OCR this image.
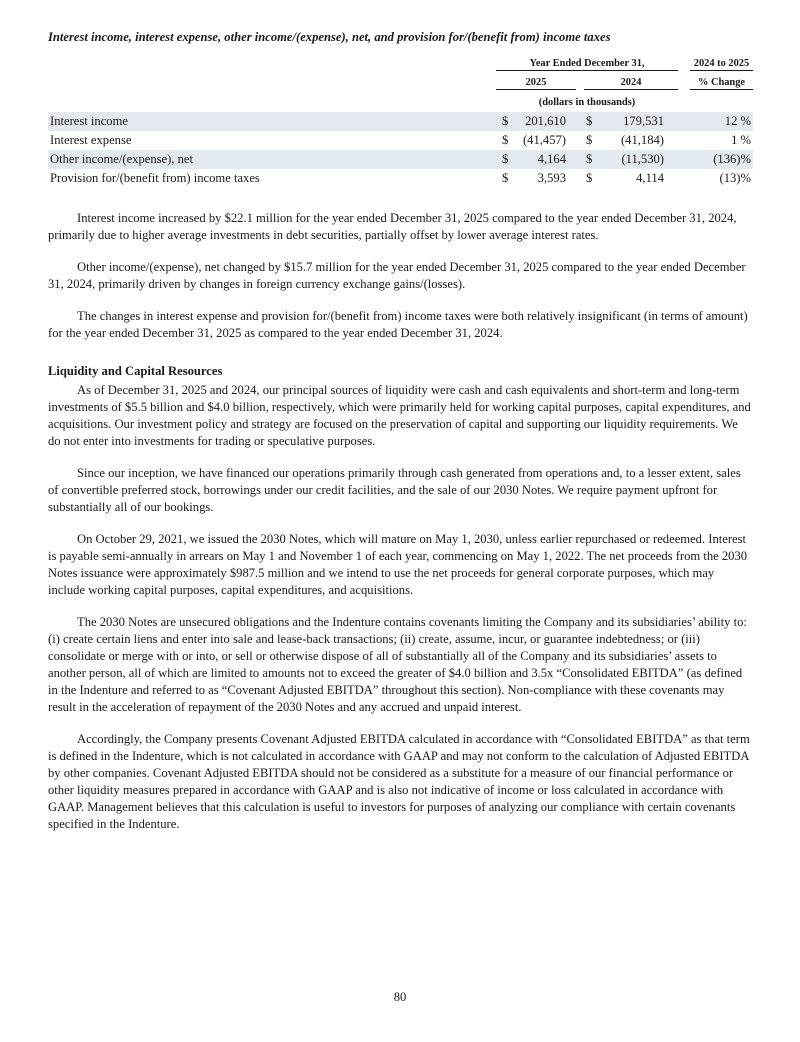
Interest income, interest expense, other income/(expense), net, and provision for/(benefit from) income taxes

	Year Ended December 31,				2024 to 2025

	2025		2024		% Change

	(dollars in thousands)				
Interest income	$	201,610	$	179,531	12 %
Interest expense	$	(41,457)	$	(41,184)	1 %
Other income/(expense), net	$	4,164	$	(11,530)	(136)%
Provision for/(benefit from) income taxes	$	3,593	$	4,114	(13)%

Interest income increased by $22.1 million for the year ended December 31, 2025 compared to the year ended December 31, 2024, primarily due to higher average investments in debt securities, partially offset by lower average interest rates.

Other income/(expense), net changed by $15.7 million for the year ended December 31, 2025 compared to the year ended December 31, 2024, primarily driven by changes in foreign currency exchange gains/(losses).

The changes in interest expense and provision for/(benefit from) income taxes were both relatively insignificant (in terms of amount) for the year ended December 31, 2025 as compared to the year ended December 31, 2024.

Liquidity and Capital Resources

As of December 31, 2025 and 2024, our principal sources of liquidity were cash and cash equivalents and short-term and long-term investments of $5.5 billion and $4.0 billion, respectively, which were primarily held for working capital purposes, capital expenditures, and acquisitions. Our investment policy and strategy are focused on the preservation of capital and supporting our liquidity requirements. We do not enter into investments for trading or speculative purposes.

Since our inception, we have financed our operations primarily through cash generated from operations and, to a lesser extent, sales of convertible preferred stock, borrowings under our credit facilities, and the sale of our 2030 Notes. We require payment upfront for substantially all of our bookings.

On October 29, 2021, we issued the 2030 Notes, which will mature on May 1, 2030, unless earlier repurchased or redeemed. Interest is payable semi-annually in arrears on May 1 and November 1 of each year, commencing on May 1, 2022. The net proceeds from the 2030 Notes issuance were approximately $987.5 million and we intend to use the net proceeds for general corporate purposes, which may include working capital purposes, capital expenditures, and acquisitions.

The 2030 Notes are unsecured obligations and the Indenture contains covenants limiting the Company and its subsidiaries’ ability to: (i) create certain liens and enter into sale and lease-back transactions; (ii) create, assume, incur, or guarantee indebtedness; or (iii) consolidate or merge with or into, or sell or otherwise dispose of all of substantially all of the Company and its subsidiaries’ assets to another person, all of which are limited to amounts not to exceed the greater of $4.0 billion and 3.5x “Consolidated EBITDA” (as defined in the Indenture and referred to as “Covenant Adjusted EBITDA” throughout this section). Non-compliance with these covenants may result in the acceleration of repayment of the 2030 Notes and any accrued and unpaid interest.

Accordingly, the Company presents Covenant Adjusted EBITDA calculated in accordance with “Consolidated EBITDA” as that term is defined in the Indenture, which is not calculated in accordance with GAAP and may not conform to the calculation of Adjusted EBITDA by other companies. Covenant Adjusted EBITDA should not be considered as a substitute for a measure of our financial performance or other liquidity measures prepared in accordance with GAAP and is also not indicative of income or loss calculated in accordance with GAAP. Management believes that this calculation is useful to investors for purposes of analyzing our compliance with certain covenants specified in the Indenture.

80
